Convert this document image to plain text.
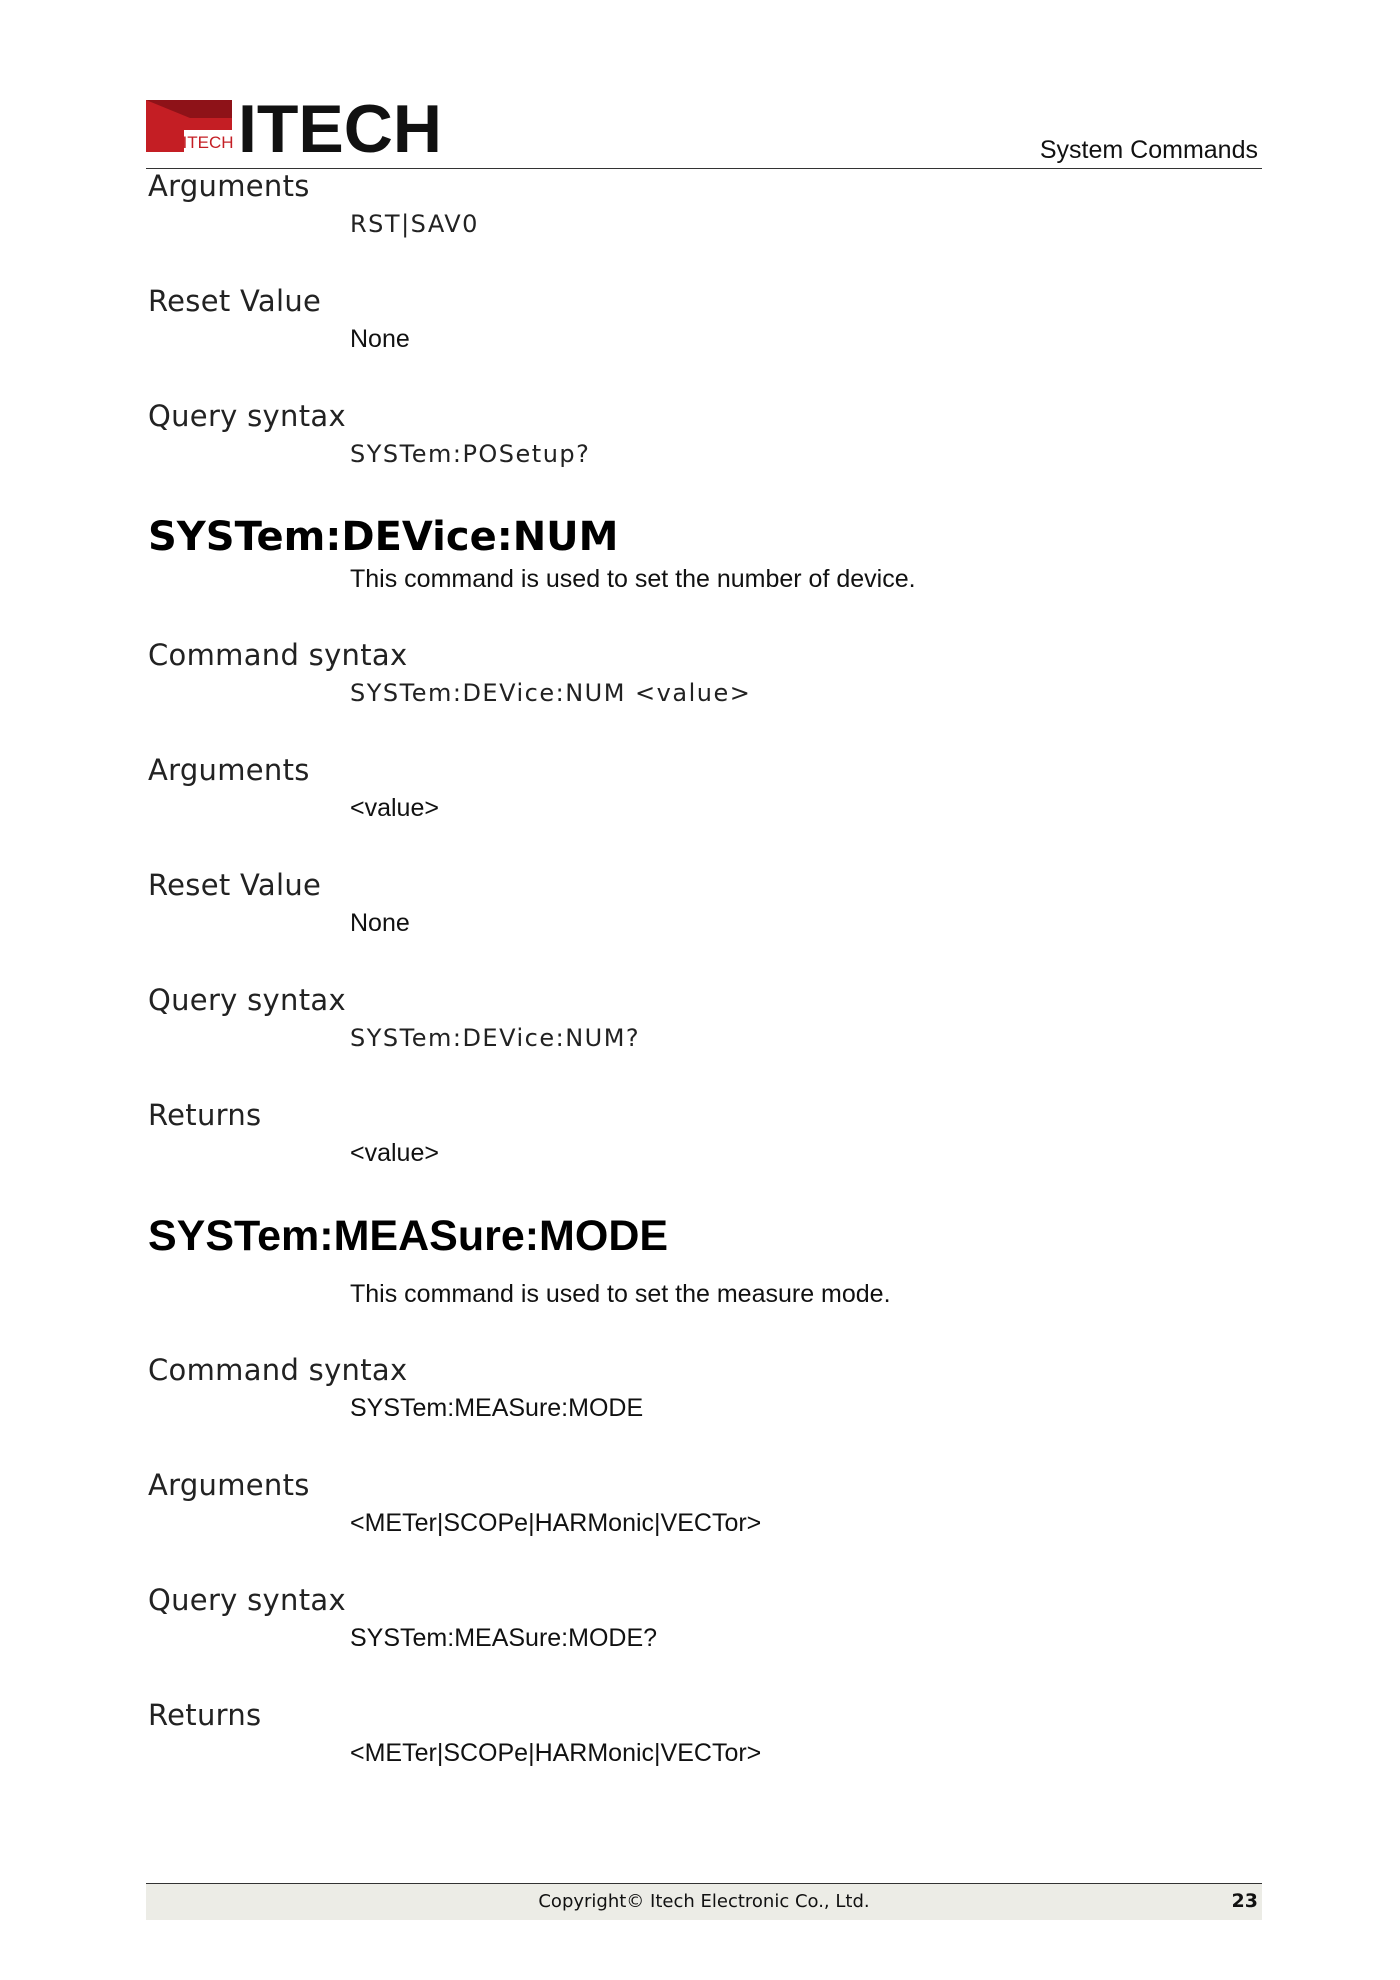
ITECH ITECH	System Commands

Arguments

RST|SAV0

Reset Value

None

Query syntax

SYSTem:POSetup?

SYSTem:DEVice:NUM

This command is used to set the number of device.

Command syntax

SYSTem:DEVice:NUM <value>

Arguments

<value>

Reset Value

None

Query syntax

SYSTem:DEVice:NUM?

Returns

<value>

SYSTem:MEASure:MODE

This command is used to set the measure mode.

Command syntax

SYSTem:MEASure:MODE

Arguments

<METer|SCOPe|HARMonic|VECTor>

Query syntax

SYSTem:MEASure:MODE?

Returns

<METer|SCOPe|HARMonic|VECTor>

Copyright© Itech Electronic Co., Ltd.	23
